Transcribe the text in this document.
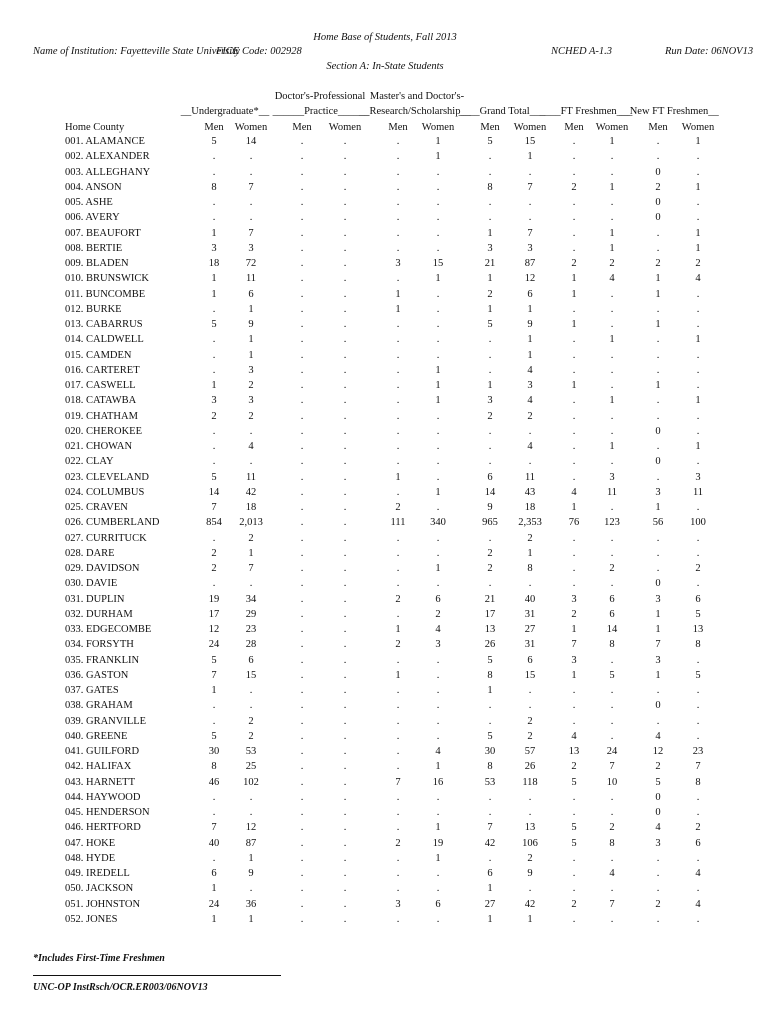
Home Base of Students, Fall 2013
Name of Institution: Fayetteville State University
FICE Code: 002928	NCHED A-1.3	Run Date: 06NOV13
Section A: In-State Students
Doctor's-Professional Master's and Doctor's-
__Undergraduate*__ ______Practice______
__Research/Scholarship__
____Grand Total___
____FT Freshmen___
__New FT Freshmen__
Home County	Men	Women	Men	Women	Men	Women	Men	Women	Men	Women	Men	Women
001. ALAMANCE	5	14	.	.	.	1	5	15	.	1	.	1
002. ALEXANDER	.	.	.	.	.	1	.	1	.	.	.	.
003. ALLEGHANY	.	.	.	.	.	.	.	.	.	.	0	.
004. ANSON	8	7	.	.	.	.	8	7	2	1	2	1
005. ASHE	.	.	.	.	.	.	.	.	.	.	0	.
006. AVERY	.	.	.	.	.	.	.	.	.	.	0	.
007. BEAUFORT	1	7	.	.	.	.	1	7	.	1	.	1
008. BERTIE	3	3	.	.	.	.	3	3	.	1	.	1
009. BLADEN	18	72	.	.	3	15	21	87	2	2	2	2
010. BRUNSWICK	1	11	.	.	.	1	1	12	1	4	1	4
011. BUNCOMBE	1	6	.	.	1	.	2	6	1	.	1	.
012. BURKE	.	1	.	.	1	.	1	1	.	.	.	.
013. CABARRUS	5	9	.	.	.	.	5	9	1	.	1	.
014. CALDWELL	.	1	.	.	.	.	.	1	.	1	.	1
015. CAMDEN	.	1	.	.	.	.	.	1	.	.	.	.
016. CARTERET	.	3	.	.	.	1	.	4	.	.	.	.
017. CASWELL	1	2	.	.	.	1	1	3	1	.	1	.
018. CATAWBA	3	3	.	.	.	1	3	4	.	1	.	1
019. CHATHAM	2	2	.	.	.	.	2	2	.	.	.	.
020. CHEROKEE	.	.	.	.	.	.	.	.	.	.	0	.
021. CHOWAN	.	4	.	.	.	.	.	4	.	1	.	1
022. CLAY	.	.	.	.	.	.	.	.	.	.	0	.
023. CLEVELAND	5	11	.	.	1	.	6	11	.	3	.	3
024. COLUMBUS	14	42	.	.	.	1	14	43	4	11	3	11
025. CRAVEN	7	18	.	.	2	.	9	18	1	.	1	.
026. CUMBERLAND	854	2,013	.	.	111	340	965	2,353	76	123	56	100
027. CURRITUCK	.	2	.	.	.	.	.	2	.	.	.	.
028. DARE	2	1	.	.	.	.	2	1	.	.	.	.
029. DAVIDSON	2	7	.	.	.	1	2	8	.	2	.	2
030. DAVIE	.	.	.	.	.	.	.	.	.	.	0	.
031. DUPLIN	19	34	.	.	2	6	21	40	3	6	3	6
032. DURHAM	17	29	.	.	.	2	17	31	2	6	1	5
033. EDGECOMBE	12	23	.	.	1	4	13	27	1	14	1	13
034. FORSYTH	24	28	.	.	2	3	26	31	7	8	7	8
035. FRANKLIN	5	6	.	.	.	.	5	6	3	.	3	.
036. GASTON	7	15	.	.	1	.	8	15	1	5	1	5
037. GATES	1	.	.	.	.	.	1	.	.	.	.	.
038. GRAHAM	.	.	.	.	.	.	.	.	.	.	0	.
039. GRANVILLE	.	2	.	.	.	.	.	2	.	.	.	.
040. GREENE	5	2	.	.	.	.	5	2	4	.	4	.
041. GUILFORD	30	53	.	.	.	4	30	57	13	24	12	23
042. HALIFAX	8	25	.	.	.	1	8	26	2	7	2	7
043. HARNETT	46	102	.	.	7	16	53	118	5	10	5	8
044. HAYWOOD	.	.	.	.	.	.	.	.	.	.	0	.
045. HENDERSON	.	.	.	.	.	.	.	.	.	.	0	.
046. HERTFORD	7	12	.	.	.	1	7	13	5	2	4	2
047. HOKE	40	87	.	.	2	19	42	106	5	8	3	6
048. HYDE	.	1	.	.	.	1	.	2	.	.	.	.
049. IREDELL	6	9	.	.	.	.	6	9	.	4	.	4
050. JACKSON	1	.	.	.	.	.	1	.	.	.	.	.
051. JOHNSTON	24	36	.	.	3	6	27	42	2	7	2	4
052. JONES	1	1	.	.	.	.	1	1	.	.	.	.
*Includes First-Time Freshmen
UNC-OP InstRsch/OCR.ER003/06NOV13
